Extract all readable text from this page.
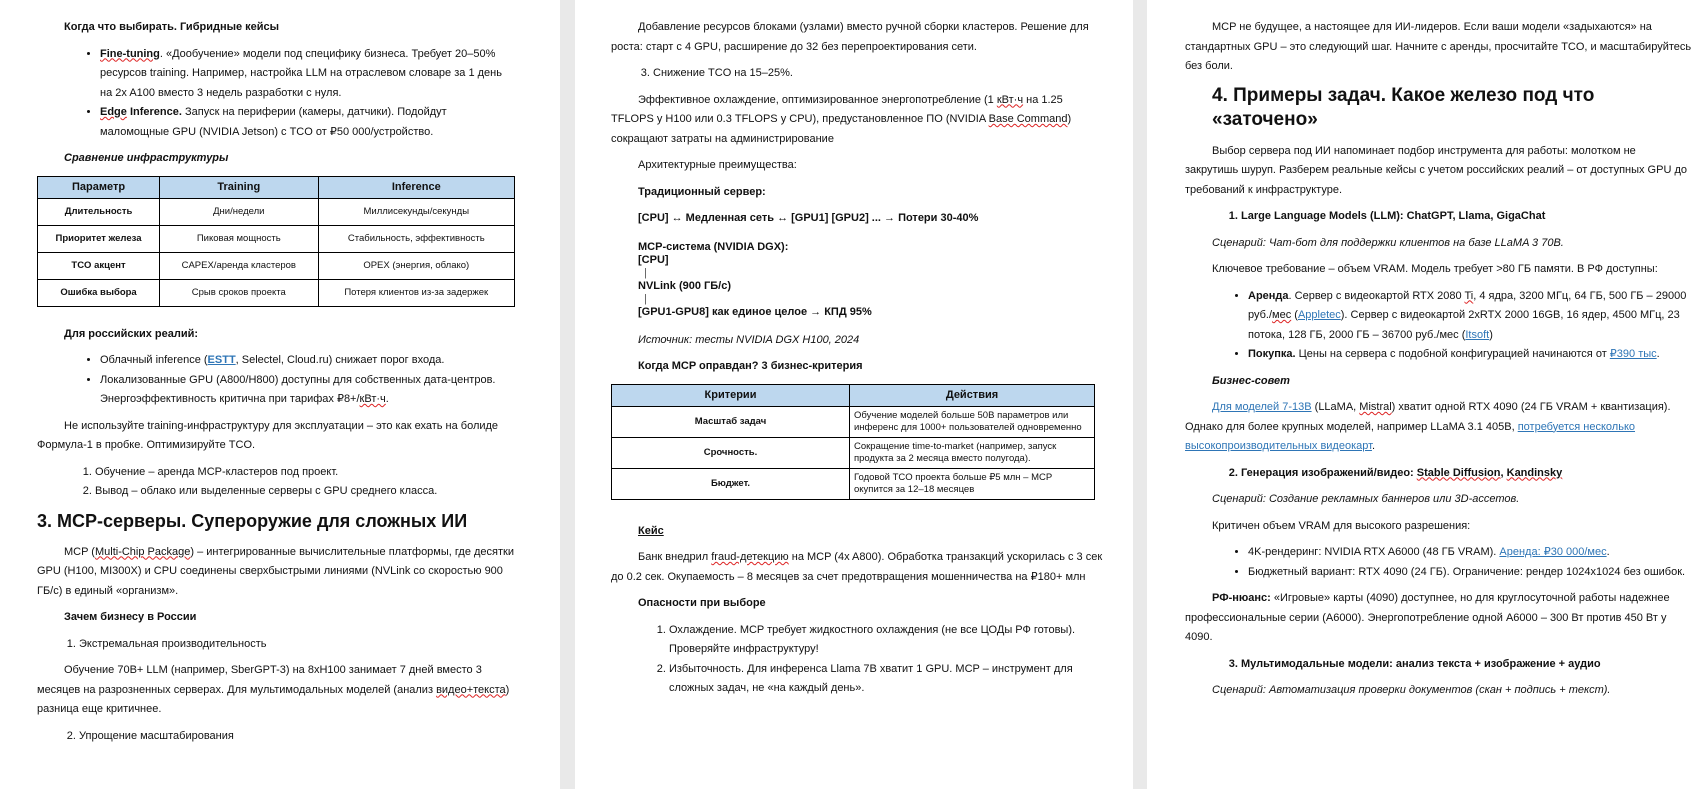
Когда что выбирать. Гибридные кейсы

• Fine-tuning. «Дообучение» модели под специфику бизнеса. Требует 20–50% ресурсов training. Например, настройка LLM на отраслевом словаре за 1 день на 2x A100 вместо 3 недель разработки с нуля.
• Edge Inference. Запуск на периферии (камеры, датчики). Подойдут маломощные GPU (NVIDIA Jetson) с TCO от ₽50 000/устройство.

Сравнение инфраструктуры

Параметр	Training	Inference
Длительность	Дни/недели	Миллисекунды/секунды
Приоритет железа	Пиковая мощность	Стабильность, эффективность
TCO акцент	CAPEX/аренда кластеров	OPEX (энергия, облако)
Ошибка выбора	Срыв сроков проекта	Потеря клиентов из-за задержек

Для российских реалий:

• Облачный inference (ESTT, Selectel, Cloud.ru) снижает порог входа.
• Локализованные GPU (A800/H800) доступны для собственных дата-центров. Энергоэффективность критична при тарифах ₽8+/кВт·ч.

Не используйте training-инфраструктуру для эксплуатации – это как ехать на болиде Формула-1 в пробке. Оптимизируйте TCO.

1. Обучение – аренда MCP-кластеров под проект.
2. Вывод – облако или выделенные серверы с GPU среднего класса.
3. MCP-серверы. Супероружие для сложных ИИ

MCP (Multi-Chip Package) – интегрированные вычислительные платформы, где десятки GPU (H100, MI300X) и CPU соединены сверхбыстрыми линиями (NVLink со скоростью 900 ГБ/с) в единый «организм».

Зачем бизнесу в России

1. Экстремальная производительность

Обучение 70B+ LLM (например, SberGPT-3) на 8xH100 занимает 7 дней вместо 3 месяцев на разрозненных серверах. Для мультимодальных моделей (анализ видео+текста) разница еще критичнее.

2. Упрощение масштабирования

Добавление ресурсов блоками (узлами) вместо ручной сборки кластеров. Решение для роста: старт с 4 GPU, расширение до 32 без перепроектирования сети.

3. Снижение TCO на 15–25%.

Эффективное охлаждение, оптимизированное энергопотребление (1 кВт·ч на 1.25 TFLOPS у H100 или 0.3 TFLOPS у CPU), предустановленное ПО (NVIDIA Base Command) сокращают затраты на администрирование

Архитектурные преимущества:

Традиционный сервер:

[CPU] ↔ Медленная сеть ↔ [GPU1] [GPU2] ... → Потери 30-40%

MCP-система (NVIDIA DGX):

[CPU]

|

NVLink (900 ГБ/с)

|

[GPU1-GPU8] как единое целое → КПД 95%

Источник: тесты NVIDIA DGX H100, 2024

Когда MCP оправдан? 3 бизнес-критерия

Критерии	Действия
Масштаб задач	Обучение моделей больше 50B параметров или инференс для 1000+ пользователей одновременно
Срочность.	Сокращение time-to-market (например, запуск продукта за 2 месяца вместо полугода).
Бюджет.	Годовой TCO проекта больше ₽5 млн – MCP окупится за 12–18 месяцев

Кейс

Банк внедрил fraud-детекцию на MCP (4x A800). Обработка транзакций ускорилась с 3 сек до 0.2 сек. Окупаемость – 8 месяцев за счет предотвращения мошенничества на ₽180+ млн

Опасности при выборе

1. Охлаждение. MCP требует жидкостного охлаждения (не все ЦОДы РФ готовы). Проверяйте инфраструктуру!
2. Избыточность. Для инференса Llama 7B хватит 1 GPU. MCP – инструмент для сложных задач, не «на каждый день».

MCP не будущее, а настоящее для ИИ-лидеров. Если ваши модели «задыхаются» на стандартных GPU – это следующий шаг. Начните с аренды, просчитайте TCO, и масштабируйтесь без боли.

4. Примеры задач. Какое железо под что «заточено»

Выбор сервера под ИИ напоминает подбор инструмента для работы: молотком не закрутишь шуруп. Разберем реальные кейсы с учетом российских реалий – от доступных GPU до требований к инфраструктуре.

1. Large Language Models (LLM): ChatGPT, Llama, GigaChat

Сценарий: Чат-бот для поддержки клиентов на базе LLaMA 3 70B.

Ключевое требование – объем VRAM. Модель требует >80 ГБ памяти. В РФ доступны:

• Аренда. Сервер с видеокартой RTX 2080 Ti, 4 ядра, 3200 МГц, 64 ГБ, 500 ГБ – 29000 руб./мес (Appletec). Сервер с видеокартой 2xRTX 2000 16GB, 16 ядер, 4500 МГц, 23 потока, 128 ГБ, 2000 ГБ – 36700 руб./мес (Itsoft)
• Покупка. Цены на сервера с подобной конфигурацией начинаются от ₽390 тыс.

Бизнес-совет

Для моделей 7-13B (LLaMA, Mistral) хватит одной RTX 4090 (24 ГБ VRAM + квантизация). Однако для более крупных моделей, например LLaMA 3.1 405B, потребуется несколько высокопроизводительных видеокарт.

2. Генерация изображений/видео: Stable Diffusion, Kandinsky

Сценарий: Создание рекламных баннеров или 3D-ассетов.

Критичен объем VRAM для высокого разрешения:

• 4K-рендеринг: NVIDIA RTX A6000 (48 ГБ VRAM). Аренда: ₽30 000/мес.
• Бюджетный вариант: RTX 4090 (24 ГБ). Ограничение: рендер 1024x1024 без ошибок.

РФ-нюанс: «Игровые» карты (4090) доступнее, но для круглосуточной работы надежнее профессиональные серии (A6000). Энергопотребление одной A6000 – 300 Вт против 450 Вт у 4090.

3. Мультимодальные модели: анализ текста + изображение + аудио

Сценарий: Автоматизация проверки документов (скан + подпись + текст).
